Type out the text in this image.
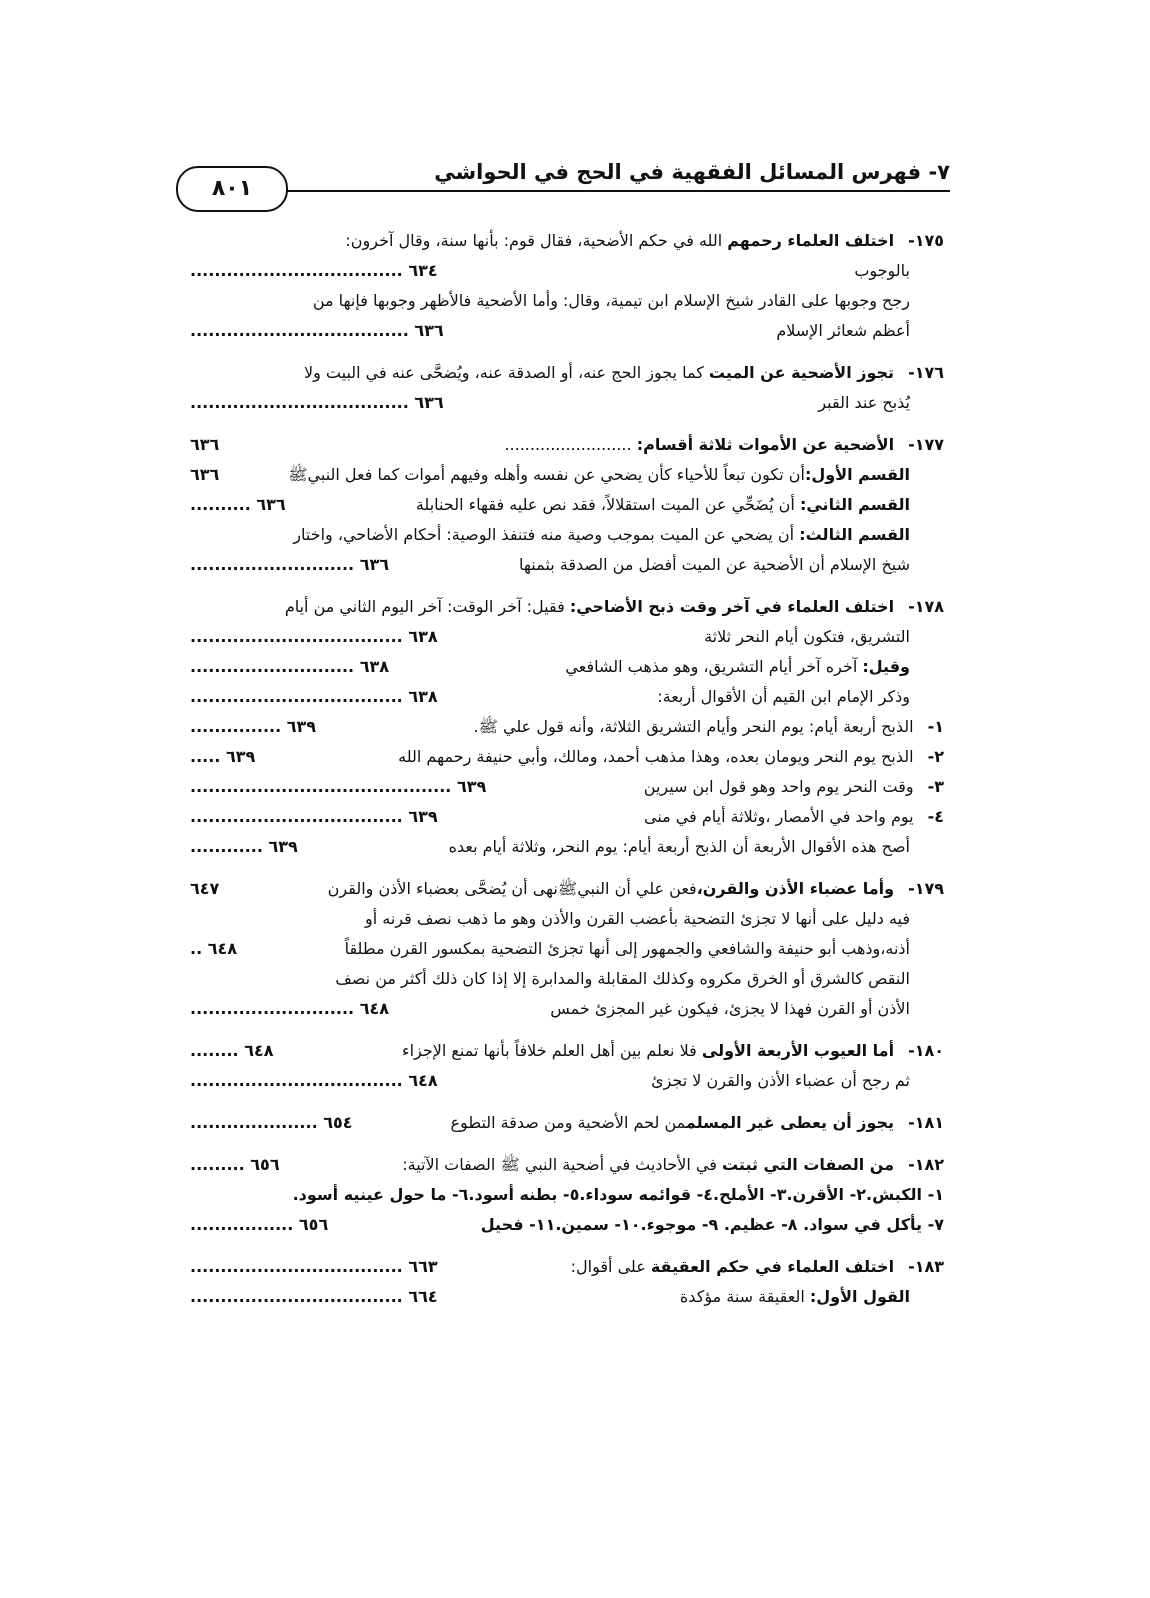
٧- فهرس المسائل الفقهية في الحج في الحواشي
٨٠١
١٧٥-اختلف العلماء رحمهم الله في حكم الأضحية، فقال قوم: بأنها سنة، وقال آخرون:
بالوجوب
................................... ٦٣٤
رجح وجوبها على القادر شيخ الإسلام ابن تيمية، وقال: وأما الأضحية فالأظهر وجوبها فإنها من
أعظم شعائر الإسلام
.................................... ٦٣٦
١٧٦-تجوز الأضحية عن الميت كما يجوز الحج عنه، أو الصدقة عنه، ويُضحَّى عنه في البيت ولا
يُذبح عند القبر
.................................... ٦٣٦
١٧٧-الأضحية عن الأموات ثلاثة أقسام: .........................
٦٣٦
القسم الأول:أن تكون تبعاً للأحياء كأن يضحي عن نفسه وأهله وفيهم أموات كما فعل النبيﷺ
٦٣٦
القسم الثاني: أن يُضَحِّي عن الميت استقلالاً، فقد نص عليه فقهاء الحنابلة
.......... ٦٣٦
القسم الثالث: أن يضحي عن الميت بموجب وصية منه فتنفذ الوصية: أحكام الأضاحي، واختار
شيخ الإسلام أن الأضحية عن الميت أفضل من الصدقة بثمنها
........................... ٦٣٦
١٧٨-اختلف العلماء في آخر وقت ذبح الأضاحي: فقيل: آخر الوقت: آخر اليوم الثاني من أيام
التشريق، فتكون أيام النحر ثلاثة
................................... ٦٣٨
وقيل: آخره آخر أيام التشريق، وهو مذهب الشافعي
........................... ٦٣٨
وذكر الإمام ابن القيم أن الأقوال أربعة:
................................... ٦٣٨
١-الذبح أربعة أيام: يوم النحر وأيام التشريق الثلاثة، وأنه قول علي ﷺ.
............... ٦٣٩
٢-الذبح يوم النحر ويومان بعده، وهذا مذهب أحمد، ومالك، وأبي حنيفة رحمهم الله
..... ٦٣٩
٣-وقت النحر يوم واحد وهو قول ابن سيرين
........................................... ٦٣٩
٤-يوم واحد في الأمصار ،وثلاثة أيام في منى
................................... ٦٣٩
أصح هذه الأقوال الأربعة أن الذبح أربعة أيام: يوم النحر، وثلاثة أيام بعده
............ ٦٣٩
١٧٩-وأما عضباء الأذن والقرن،فعن علي أن النبيﷺنهى أن يُضحَّى بعضباء الأذن والقرن
٦٤٧
فيه دليل على أنها لا تجزئ التضحية بأعضب القرن والأذن وهو ما ذهب نصف قرنه أو
أذنه،وذهب أبو حنيفة والشافعي والجمهور إلى أنها تجزئ التضحية بمكسور القرن مطلقاً
.. ٦٤٨
النقص كالشرق أو الخرق مكروه وكذلك المقابلة والمدابرة إلا إذا كان ذلك أكثر من نصف
الأذن أو القرن فهذا لا يجزئ، فيكون غير المجزئ خمس
........................... ٦٤٨
١٨٠-أما العيوب الأربعة الأولى فلا نعلم بين أهل العلم خلافاً بأنها تمنع الإجزاء
........ ٦٤٨
ثم رجح أن عضباء الأذن والقرن لا تجزئ
................................... ٦٤٨
١٨١-يجوز أن يعطى غير المسلممن لحم الأضحية ومن صدقة التطوع
..................... ٦٥٤
١٨٢-من الصفات التي ثبتت في الأحاديث في أضحية النبي ﷺ الصفات الآتية:
......... ٦٥٦
١- الكبش.٢- الأقرن.٣- الأملح.٤- قوائمه سوداء.٥- بطنه أسود.٦- ما حول عينيه أسود.
٧- يأكل في سواد. ٨- عظيم. ٩- موجوء.١٠- سمين.١١- فحيل
................. ٦٥٦
١٨٣-اختلف العلماء في حكم العقيقة على أقوال:
................................... ٦٦٣
القول الأول: العقيقة سنة مؤكدة
................................... ٦٦٤
